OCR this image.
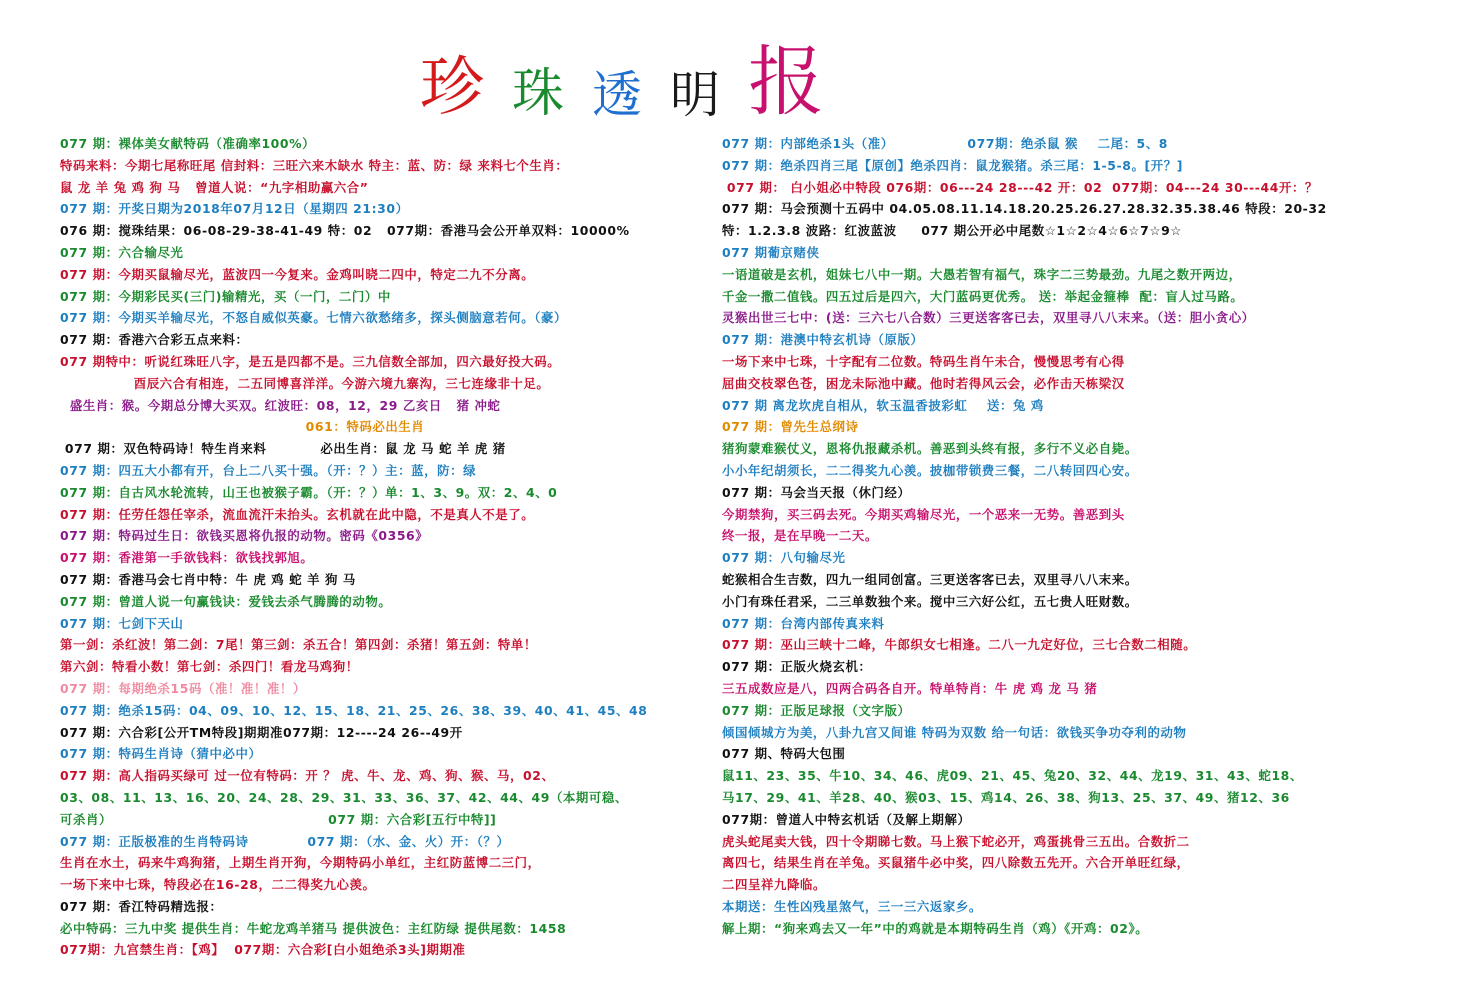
珍 珠 透 明 报
077 期：裸体美女献特码（准确率100%）
特码来料：今期七尾称旺尾 信封料：三旺六来木缺水 特主：蓝、防：绿 来料七个生肖：
鼠 龙 羊 兔 鸡 狗 马   曾道人说：“九字相助赢六合”
077 期：开奖日期为2018年07月12日（星期四 21:30）
076 期：搅珠结果：06-08-29-38-41-49 特：02   077期：香港马会公开单双料：10000%
077 期：六合输尽光
077 期：今期买鼠输尽光，蓝波四一今复来。金鸡叫晓二四中，特定二九不分离。
077 期：今期彩民买(三门)输精光，买（一门，二门）中
077 期：今期买羊输尽光，不怒自威似英豪。七情六欲愁绪多，探头侧脑意若何。（豪）
077 期：香港六合彩五点来料：
077 期特中：听说红珠旺八字，是五是四都不是。三九信数全部加，四六最好投大码。
酉辰六合有相连，二五同博喜洋洋。今游六境九寨沟，三七连缘非十足。
盛生肖：猴。今期总分博大买双。红波旺：08，12，29 乙亥日   猪 冲蛇
061：特码必出生肖
077 期：双色特码诗！特生肖来料           必出生肖：鼠 龙 马 蛇 羊 虎 猪
077 期：四五大小都有开，台上二八买十强。（开：？）主：蓝，防：绿
077 期：自古风水轮流转，山王也被猴子霸。（开：？）单：1、3、9。双：2、4、0
077 期：任劳任怨任宰杀，流血流汗未抬头。玄机就在此中隐，不是真人不是了。
077 期：特码过生日：欲钱买恩将仇报的动物。密码《0356》
077 期：香港第一手欲钱料：欲钱找郭旭。
077 期：香港马会七肖中特：牛 虎 鸡 蛇 羊 狗 马
077 期：曾道人说一句赢钱诀：爱钱去杀气腾腾的动物。
077 期：七剑下天山
第一剑：杀红波！第二剑：7尾！第三剑：杀五合！第四剑：杀猪！第五剑：特单！
第六剑：特看小数！第七剑：杀四门！看龙马鸡狗！
077 期：每期绝杀15码（准！准！准！）
077 期：绝杀15码：04、09、10、12、15、18、21、25、26、38、39、40、41、45、48
077 期：六合彩[公开TM特段]期期准077期：12----24 26--49开
077 期：特码生肖诗（猜中必中）
077 期：高人指码买绿可 过一位有特码：开 ？ 虎、牛、龙、鸡、狗、猴、马，02、
03、08、11、13、16、20、24、28、29、31、33、36、37、42、44、49（本期可稳、
可杀肖）                                            077 期：六合彩[五行中特]]
077 期：正版极准的生肖特码诗            077 期：（水、金、火）开：（？）
生肖在水土，码来牛鸡狗猪，上期生肖开狗，今期特码小单红，主红防蓝博二三门，
一场下来中七珠，特段必在16-28，二二得奖九心羡。
077 期：香江特码精选报：
必中特码：三九中奖 提供生肖：牛蛇龙鸡羊猪马 提供波色：主红防绿 提供尾数：1458
077期：九宫禁生肖：【鸡】  077期：六合彩[白小姐绝杀3头]期期准
077 期：内部绝杀1头（准）               077期：绝杀鼠 猴    二尾：5、8
077 期：绝杀四肖三尾【原创】绝杀四肖：鼠龙猴猪。杀三尾：1-5-8。[开？]
077 期： 白小姐必中特段 076期：06---24 28---42 开：02  077期：04---24 30---44开：？
077 期：马会预测十五码中 04.05.08.11.14.18.20.25.26.27.28.32.35.38.46 特段：20-32
特：1.2.3.8 波路：红波蓝波     077 期公开必中尾数☆1☆2☆4☆6☆7☆9☆
077 期葡京赌侠
一语道破是玄机，姐妹七八中一期。大愚若智有福气，珠字二三势最劲。九尾之数开两边，
千金一撒二值钱。四五过后是四六，大门蓝码更优秀。 送：举起金箍棒  配：盲人过马路。
灵猴出世三七中：(送：三六七八合数）三更送客客已去，双里寻八八末来。（送：胆小贪心）
077 期：港澳中特玄机诗（原版）
一场下来中七珠，十字配有二位数。特码生肖午未合，慢慢思考有心得
屈曲交枝翠色苍，困龙未际池中藏。他时若得风云会，必作击天栋梁汉
077 期 离龙坎虎自相从，软玉温香披彩虹    送：兔 鸡
077 期：曾先生总纲诗
猪狗蒙难猴仗义，恩将仇报藏杀机。善恶到头终有报，多行不义必自毙。
小小年纪胡须长，二二得奖九心羡。披枷带锁费三餐，二八转回四心安。
077 期：马会当天报（休门经）
今期禁狗，买三码去死。今期买鸡输尽光，一个恶来一无势。善恶到头
终一报，是在早晚一二天。
077 期：八句输尽光
蛇猴相合生吉数，四九一组同创富。三更送客客已去，双里寻八八末来。
小门有珠任君采，二三单数独个来。搅中三六好公红，五七贵人旺财数。
077 期：台湾内部传真来料
077 期：巫山三峡十二峰，牛郎织女七相逢。二八一九定好位，三七合数二相随。
077 期：正版火烧玄机：
三五成数应是八，四两合码各自开。特单特肖：牛 虎 鸡 龙 马 猪
077 期：正版足球报（文字版）
倾国倾城方为美，八卦九宫又间谁 特码为双数 给一句话：欲钱买争功夺利的动物
077 期、特码大包围
鼠11、23、35、牛10、34、46、虎09、21、45、兔20、32、44、龙19、31、43、蛇18、
马17、29、41、羊28、40、猴03、15、鸡14、26、38、狗13、25、37、49、猪12、36
077期：曾道人中特玄机话（及解上期解）
虎头蛇尾卖大钱，四十令期睇七数。马上猴下蛇必开，鸡蛋挑骨三五出。合数折二
离四七，结果生肖在羊兔。买鼠猪牛必中奖，四八除数五先开。六合开单旺红绿，
二四呈祥九降临。
本期送：生性凶残星煞气，三一三六返家乡。
解上期：“狗来鸡去又一年”中的鸡就是本期特码生肖（鸡）《开鸡：02》。
